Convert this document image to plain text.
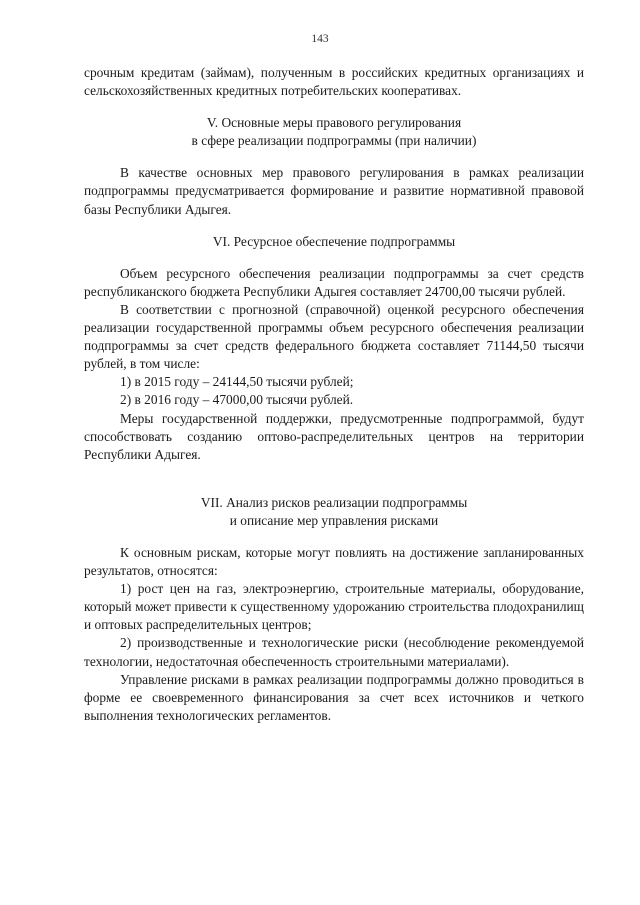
143

срочным кредитам (займам), полученным в российских кредитных организациях и сельскохозяйственных кредитных потребительских кооперативах.

V. Основные меры правового регулирования

в сфере реализации подпрограммы (при наличии)

В качестве основных мер правового регулирования в рамках реализации подпрограммы предусматривается формирование и развитие нормативной правовой базы Республики Адыгея.

VI. Ресурсное обеспечение подпрограммы

Объем ресурсного обеспечения реализации подпрограммы за счет средств республиканского бюджета Республики Адыгея составляет 24700,00 тысячи рублей.

В соответствии с прогнозной (справочной) оценкой ресурсного обеспечения реализации государственной программы объем ресурсного обеспечения реализации подпрограммы за счет средств федерального бюджета составляет 71144,50 тысячи рублей, в том числе:

1) в 2015 году – 24144,50 тысячи рублей;

2) в 2016 году – 47000,00 тысячи рублей.

Меры государственной поддержки, предусмотренные подпрограммой, будут способствовать созданию оптово-распределительных центров на территории Республики Адыгея.

VII. Анализ рисков реализации подпрограммы

и описание мер управления рисками

К основным рискам, которые могут повлиять на достижение запланированных результатов, относятся:

1) рост цен на газ, электроэнергию, строительные материалы, оборудование, который может привести к существенному удорожанию строительства плодохранилищ и оптовых распределительных центров;

2) производственные и технологические риски (несоблюдение рекомендуемой технологии, недостаточная обеспеченность строительными материалами).

Управление рисками в рамках реализации подпрограммы должно проводиться в форме ее своевременного финансирования за счет всех источников и четкого выполнения технологических регламентов.
